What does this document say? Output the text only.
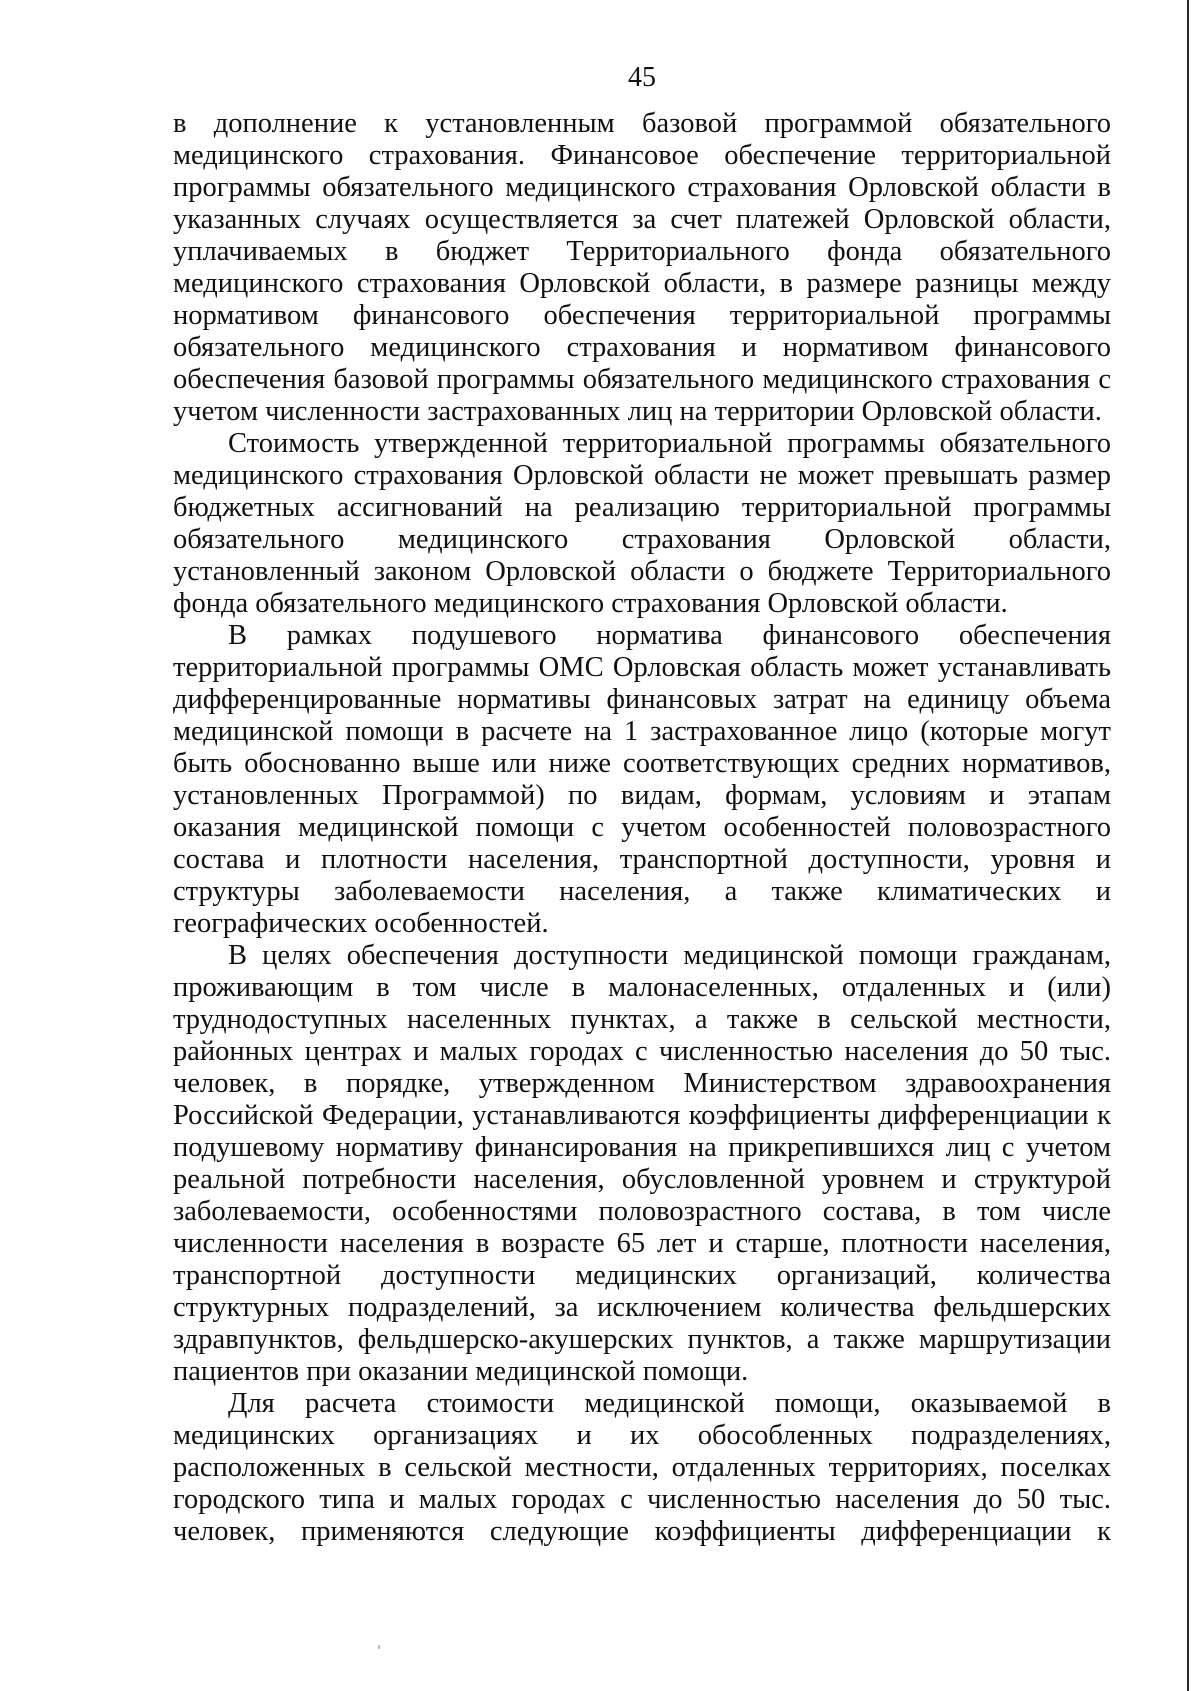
45

в дополнение к установленным базовой программой обязательного медицинского страхования. Финансовое обеспечение территориальной программы обязательного медицинского страхования Орловской области в указанных случаях осуществляется за счет платежей Орловской области, уплачиваемых в бюджет Территориального фонда обязательного медицинского страхования Орловской области, в размере разницы между нормативом финансового обеспечения территориальной программы обязательного медицинского страхования и нормативом финансового обеспечения базовой программы обязательного медицинского страхования с учетом численности застрахованных лиц на территории Орловской области.

Стоимость утвержденной территориальной программы обязательного медицинского страхования Орловской области не может превышать размер бюджетных ассигнований на реализацию территориальной программы обязательного медицинского страхования Орловской области, установленный законом Орловской области о бюджете Территориального фонда обязательного медицинского страхования Орловской области.

В рамках подушевого норматива финансового обеспечения территориальной программы ОМС Орловская область может устанавливать дифференцированные нормативы финансовых затрат на единицу объема медицинской помощи в расчете на 1 застрахованное лицо (которые могут быть обоснованно выше или ниже соответствующих средних нормативов, установленных Программой) по видам, формам, условиям и этапам оказания медицинской помощи с учетом особенностей половозрастного состава и плотности населения, транспортной доступности, уровня и структуры заболеваемости населения, а также климатических и географических особенностей.

В целях обеспечения доступности медицинской помощи гражданам, проживающим в том числе в малонаселенных, отдаленных и (или) труднодоступных населенных пунктах, а также в сельской местности, районных центрах и малых городах с численностью населения до 50 тыс. человек, в порядке, утвержденном Министерством здравоохранения Российской Федерации, устанавливаются коэффициенты дифференциации к подушевому нормативу финансирования на прикрепившихся лиц с учетом реальной потребности населения, обусловленной уровнем и структурой заболеваемости, особенностями половозрастного состава, в том числе численности населения в возрасте 65 лет и старше, плотности населения, транспортной доступности медицинских организаций, количества структурных подразделений, за исключением количества фельдшерских здравпунктов, фельдшерско-акушерских пунктов, а также маршрутизации пациентов при оказании медицинской помощи.

Для расчета стоимости медицинской помощи, оказываемой в медицинских организациях и их обособленных подразделениях, расположенных в сельской местности, отдаленных территориях, поселках городского типа и малых городах с численностью населения до 50 тыс. человек, применяются следующие коэффициенты дифференциации к
